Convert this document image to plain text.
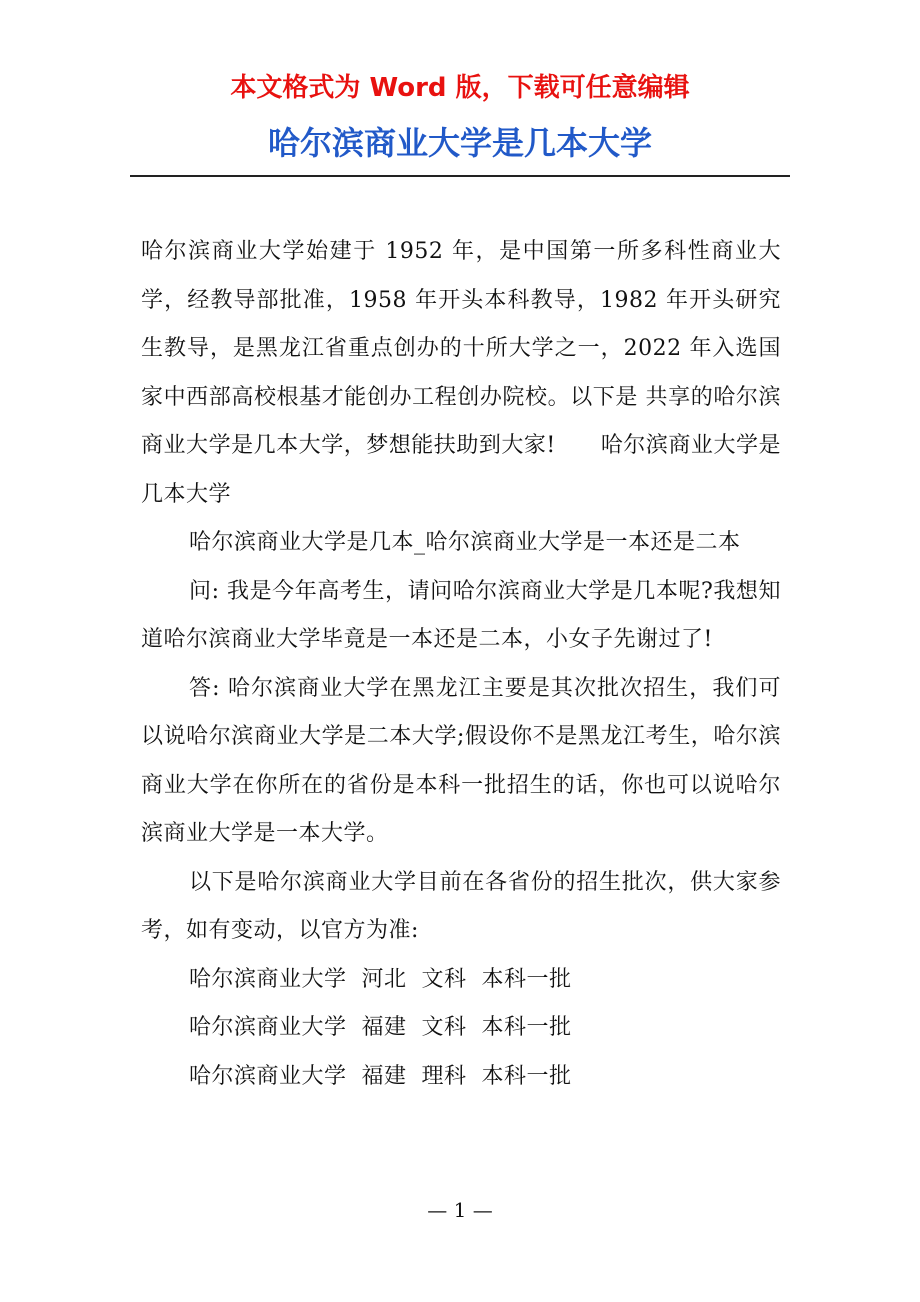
本文格式为 Word 版，下载可任意编辑
哈尔滨商业大学是几本大学

哈尔滨商业大学始建于 1952 年，是中国第一所多科性商业大学，经教导部批准，1958 年开头本科教导，1982 年开头研究生教导，是黑龙江省重点创办的十所大学之一，2022 年入选国家中西部高校根基才能创办工程创办院校。以下是 共享的哈尔滨商业大学是几本大学，梦想能扶助到大家!　　哈尔滨商业大学是几本大学

哈尔滨商业大学是几本_哈尔滨商业大学是一本还是二本

问: 我是今年高考生，请问哈尔滨商业大学是几本呢?我想知道哈尔滨商业大学毕竟是一本还是二本，小女子先谢过了!

答: 哈尔滨商业大学在黑龙江主要是其次批次招生，我们可以说哈尔滨商业大学是二本大学;假设你不是黑龙江考生，哈尔滨商业大学在你所在的省份是本科一批招生的话，你也可以说哈尔滨商业大学是一本大学。

以下是哈尔滨商业大学目前在各省份的招生批次，供大家参考，如有变动，以官方为准:

哈尔滨商业大学  河北  文科  本科一批

哈尔滨商业大学  福建  文科  本科一批

哈尔滨商业大学  福建  理科  本科一批

— 1 —
